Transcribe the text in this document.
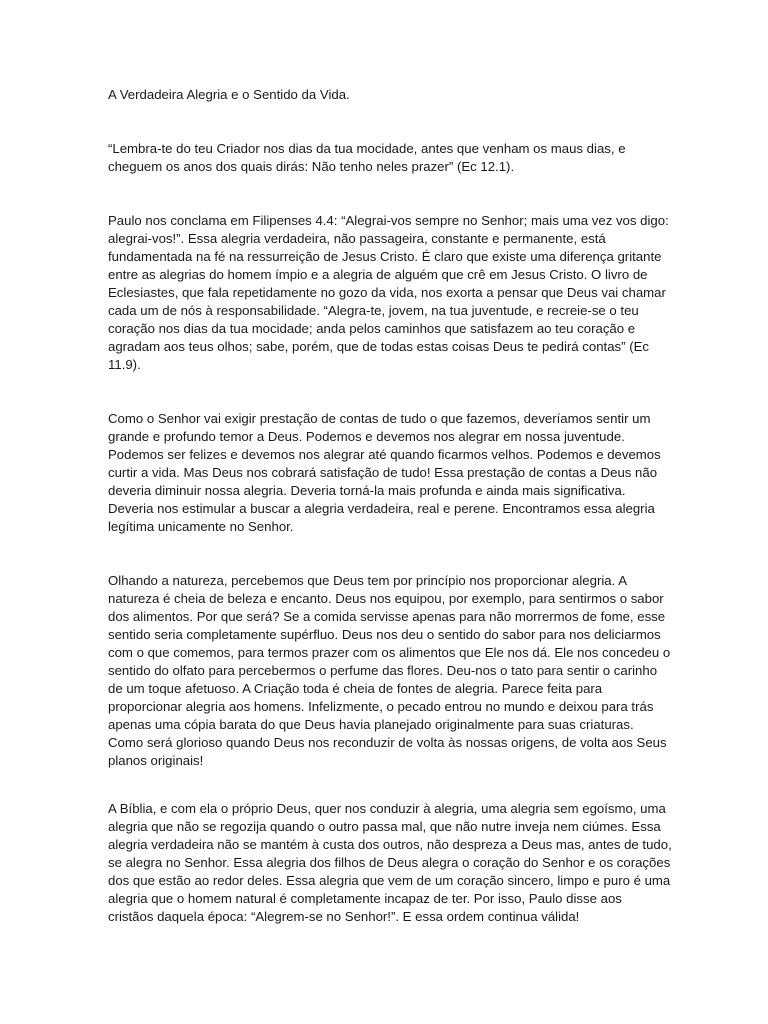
A Verdadeira Alegria e o Sentido da Vida.

“Lembra-te do teu Criador nos dias da tua mocidade, antes que venham os maus dias, e
cheguem os anos dos quais dirás: Não tenho neles prazer” (Ec 12.1).

Paulo nos conclama em Filipenses 4.4: “Alegrai-vos sempre no Senhor; mais uma vez vos digo:
alegrai-vos!”. Essa alegria verdadeira, não passageira, constante e permanente, está
fundamentada na fé na ressurreição de Jesus Cristo. É claro que existe uma diferença gritante
entre as alegrias do homem ímpio e a alegria de alguém que crê em Jesus Cristo. O livro de
Eclesiastes, que fala repetidamente no gozo da vida, nos exorta a pensar que Deus vai chamar
cada um de nós à responsabilidade. “Alegra-te, jovem, na tua juventude, e recreie-se o teu
coração nos dias da tua mocidade; anda pelos caminhos que satisfazem ao teu coração e
agradam aos teus olhos; sabe, porém, que de todas estas coisas Deus te pedirá contas” (Ec
11.9).

Como o Senhor vai exigir prestação de contas de tudo o que fazemos, deveríamos sentir um
grande e profundo temor a Deus. Podemos e devemos nos alegrar em nossa juventude.
Podemos ser felizes e devemos nos alegrar até quando ficarmos velhos. Podemos e devemos
curtir a vida. Mas Deus nos cobrará satisfação de tudo! Essa prestação de contas a Deus não
deveria diminuir nossa alegria. Deveria torná-la mais profunda e ainda mais significativa.
Deveria nos estimular a buscar a alegria verdadeira, real e perene. Encontramos essa alegria
legítima unicamente no Senhor.

Olhando a natureza, percebemos que Deus tem por princípio nos proporcionar alegria. A
natureza é cheia de beleza e encanto. Deus nos equipou, por exemplo, para sentirmos o sabor
dos alimentos. Por que será? Se a comida servisse apenas para não morrermos de fome, esse
sentido seria completamente supérfluo. Deus nos deu o sentido do sabor para nos deliciarmos
com o que comemos, para termos prazer com os alimentos que Ele nos dá. Ele nos concedeu o
sentido do olfato para percebermos o perfume das flores. Deu-nos o tato para sentir o carinho
de um toque afetuoso. A Criação toda é cheia de fontes de alegria. Parece feita para
proporcionar alegria aos homens. Infelizmente, o pecado entrou no mundo e deixou para trás
apenas uma cópia barata do que Deus havia planejado originalmente para suas criaturas.
Como será glorioso quando Deus nos reconduzir de volta às nossas origens, de volta aos Seus
planos originais!

A Bíblia, e com ela o próprio Deus, quer nos conduzir à alegria, uma alegria sem egoísmo, uma
alegria que não se regozija quando o outro passa mal, que não nutre inveja nem ciúmes. Essa
alegria verdadeira não se mantém à custa dos outros, não despreza a Deus mas, antes de tudo,
se alegra no Senhor. Essa alegria dos filhos de Deus alegra o coração do Senhor e os corações
dos que estão ao redor deles. Essa alegria que vem de um coração sincero, limpo e puro é uma
alegria que o homem natural é completamente incapaz de ter. Por isso, Paulo disse aos
cristãos daquela época: “Alegrem-se no Senhor!”. E essa ordem continua válida!
